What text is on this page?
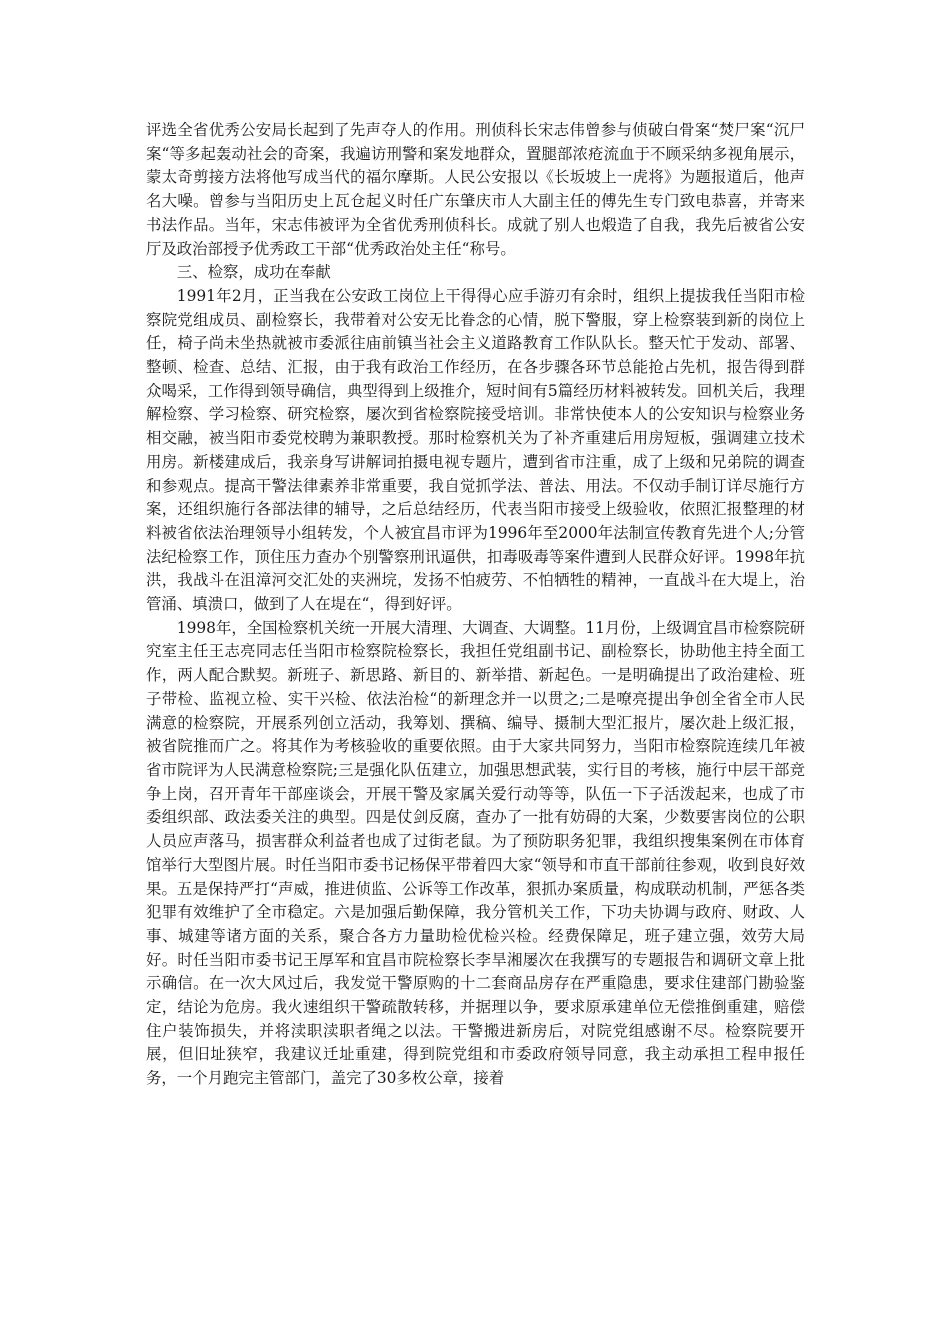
评选全省优秀公安局长起到了先声夺人的作用。刑侦科长宋志伟曾参与侦破白骨案“焚尸案“沉尸案“等多起轰动社会的奇案，我遍访刑警和案发地群众，置腿部浓疮流血于不顾采纳多视角展示，蒙太奇剪接方法将他写成当代的福尔摩斯。人民公安报以《长坂坡上一虎将》为题报道后，他声名大噪。曾参与当阳历史上瓦仓起义时任广东肇庆市人大副主任的傅先生专门致电恭喜，并寄来书法作品。当年，宋志伟被评为全省优秀刑侦科长。成就了别人也煅造了自我，我先后被省公安厅及政治部授予优秀政工干部“优秀政治处主任“称号。

三、检察，成功在奉献

1991年2月，正当我在公安政工岗位上干得得心应手游刃有余时，组织上提拔我任当阳市检察院党组成员、副检察长，我带着对公安无比眷念的心情，脱下警服，穿上检察装到新的岗位上任，椅子尚未坐热就被市委派往庙前镇当社会主义道路教育工作队队长。整天忙于发动、部署、整顿、检查、总结、汇报，由于我有政治工作经历，在各步骤各环节总能抢占先机，报告得到群众喝采，工作得到领导确信，典型得到上级推介，短时间有5篇经历材料被转发。回机关后，我理解检察、学习检察、研究检察，屡次到省检察院接受培训。非常快使本人的公安知识与检察业务相交融，被当阳市委党校聘为兼职教授。那时检察机关为了补齐重建后用房短板，强调建立技术用房。新楼建成后，我亲身写讲解词拍摄电视专题片，遭到省市注重，成了上级和兄弟院的调查和参观点。提高干警法律素养非常重要，我自觉抓学法、普法、用法。不仅动手制订详尽施行方案，还组织施行各部法律的辅导，之后总结经历，代表当阳市接受上级验收，依照汇报整理的材料被省依法治理领导小组转发，个人被宜昌市评为1996年至2000年法制宣传教育先进个人;分管法纪检察工作，顶住压力查办个别警察刑讯逼供，扣毒吸毒等案件遭到人民群众好评。1998年抗洪，我战斗在沮漳河交汇处的夹洲垸，发扬不怕疲劳、不怕牺牲的精神，一直战斗在大堤上，治管涌、填溃口，做到了人在堤在“，得到好评。

1998年，全国检察机关统一开展大清理、大调查、大调整。11月份，上级调宜昌市检察院研究室主任王志亮同志任当阳市检察院检察长，我担任党组副书记、副检察长，协助他主持全面工作，两人配合默契。新班子、新思路、新目的、新举措、新起色。一是明确提出了政治建检、班子带检、监视立检、实干兴检、依法治检“的新理念并一以贯之;二是嘹亮提出争创全省全市人民满意的检察院，开展系列创立活动，我筹划、撰稿、编导、摄制大型汇报片，屡次赴上级汇报，被省院推而广之。将其作为考核验收的重要依照。由于大家共同努力，当阳市检察院连续几年被省市院评为人民满意检察院;三是强化队伍建立，加强思想武装，实行目的考核，施行中层干部竞争上岗，召开青年干部座谈会，开展干警及家属关爱行动等等，队伍一下子活泼起来，也成了市委组织部、政法委关注的典型。四是仗剑反腐，查办了一批有妨碍的大案，少数要害岗位的公职人员应声落马，损害群众利益者也成了过街老鼠。为了预防职务犯罪，我组织搜集案例在市体育馆举行大型图片展。时任当阳市委书记杨保平带着四大家“领导和市直干部前往参观，收到良好效果。五是保持严打“声威，推进侦监、公诉等工作改革，狠抓办案质量，构成联动机制，严惩各类犯罪有效维护了全市稳定。六是加强后勤保障，我分管机关工作，下功夫协调与政府、财政、人事、城建等诸方面的关系，聚合各方力量助检优检兴检。经费保障足，班子建立强，效劳大局好。时任当阳市委书记王厚军和宜昌市院检察长李旱湘屡次在我撰写的专题报告和调研文章上批示确信。在一次大风过后，我发觉干警原购的十二套商品房存在严重隐患，要求住建部门勘验鉴定，结论为危房。我火速组织干警疏散转移，并据理以争，要求原承建单位无偿推倒重建，赔偿住户装饰损失，并将渎职渎职者绳之以法。干警搬进新房后，对院党组感谢不尽。检察院要开展，但旧址狭窄，我建议迁址重建，得到院党组和市委政府领导同意，我主动承担工程申报任务，一个月跑完主管部门，盖完了30多枚公章，接着
